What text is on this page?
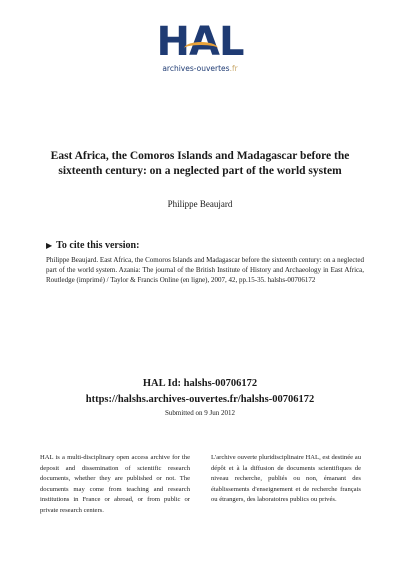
HAL
archives-ouvertes.fr
East Africa, the Comoros Islands and Madagascar before the sixteenth century: on a neglected part of the world system
Philippe Beaujard
▶ To cite this version:
Philippe Beaujard. East Africa, the Comoros Islands and Madagascar before the sixteenth century: on a neglected part of the world system. Azania: The journal of the British Institute of History and Archaeology in East Africa, Routledge (imprimé) / Taylor & Francis Online (en ligne), 2007, 42, pp.15-35. halshs-00706172
HAL Id: halshs-00706172
https://halshs.archives-ouvertes.fr/halshs-00706172
Submitted on 9 Jun 2012
HAL is a multi-disciplinary open access archive for the deposit and dissemination of scientific research documents, whether they are published or not. The documents may come from teaching and research institutions in France or abroad, or from public or private research centers.
L'archive ouverte pluridisciplinaire HAL, est destinée au dépôt et à la diffusion de documents scientifiques de niveau recherche, publiés ou non, émanant des établissements d'enseignement et de recherche français ou étrangers, des laboratoires publics ou privés.
